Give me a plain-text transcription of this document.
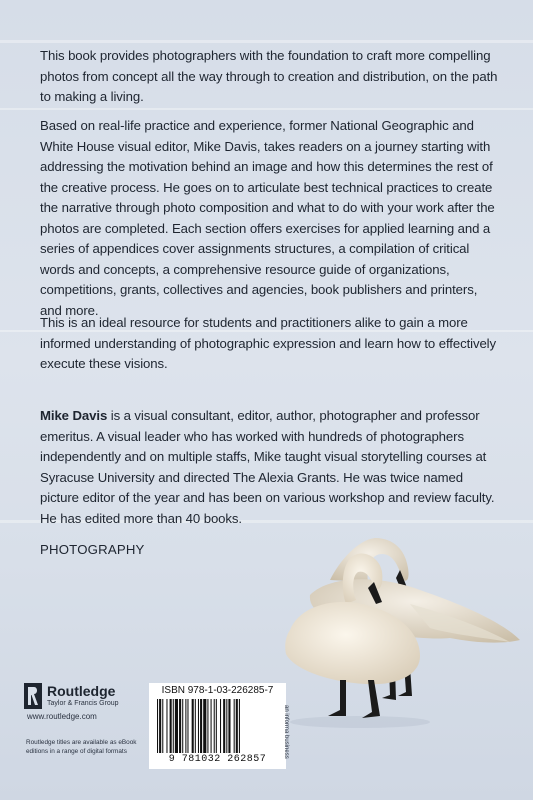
This book provides photographers with the foundation to craft more compelling photos from concept all the way through to creation and distribution, on the path to making a living.

Based on real-life practice and experience, former National Geographic and White House visual editor, Mike Davis, takes readers on a journey starting with addressing the motivation behind an image and how this determines the rest of the creative process. He goes on to articulate best technical practices to create the narrative through photo composition and what to do with your work after the photos are completed. Each section offers exercises for applied learning and a series of appendices cover assignments structures, a compilation of critical words and concepts, a comprehensive resource guide of organizations, competitions, grants, collectives and agencies, book publishers and printers, and more.

This is an ideal resource for students and practitioners alike to gain a more informed understanding of photographic expression and learn how to effectively execute these visions.

Mike Davis is a visual consultant, editor, author, photographer and professor emeritus. A visual leader who has worked with hundreds of photographers independently and on multiple staffs, Mike taught visual storytelling courses at Syracuse University and directed The Alexia Grants. He was twice named picture editor of the year and has been on various workshop and review faculty. He has edited more than 40 books.

PHOTOGRAPHY
Routledge
Taylor & Francis Group
www.routledge.com
Routledge titles are available as eBook editions in a range of digital formats
ISBN 978-1-03-226285-7
9 781032 262857
an informa business
